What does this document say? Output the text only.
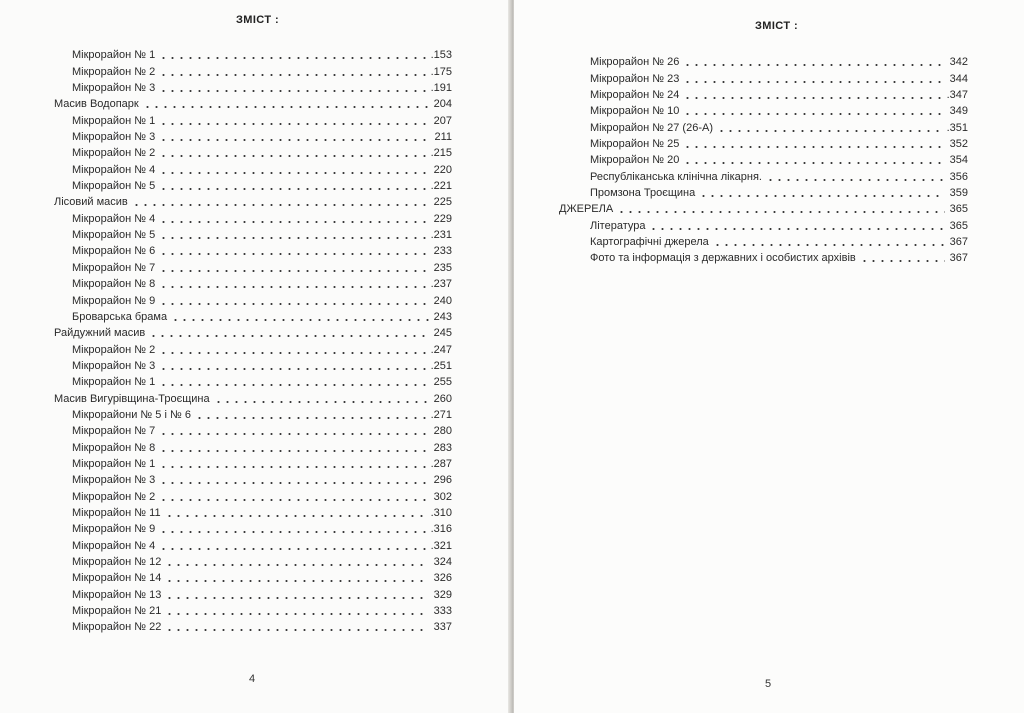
ЗМІСТ :
Мікрорайон № 1	.153
Мікрорайон № 2	.175
Мікрорайон № 3	.191
Масив Водопарк	204
Мікрорайон № 1	207
Мікрорайон № 3	211
Мікрорайон № 2	.215
Мікрорайон № 4	220
Мікрорайон № 5	.221
Лісовий масив	225
Мікрорайон № 4	229
Мікрорайон № 5	.231
Мікрорайон № 6	233
Мікрорайон № 7	235
Мікрорайон № 8	.237
Мікрорайон № 9	240
Броварська брама	243
Райдужний масив	245
Мікрорайон № 2	.247
Мікрорайон № 3	.251
Мікрорайон № 1	255
Масив Вигурівщина-Троєщина	260
Мікрорайони № 5 і № 6	.271
Мікрорайон № 7	280
Мікрорайон № 8	283
Мікрорайон № 1	.287
Мікрорайон № 3	296
Мікрорайон № 2	302
Мікрорайон № 11	.310
Мікрорайон № 9	.316
Мікрорайон № 4	.321
Мікрорайон № 12	324
Мікрорайон № 14	326
Мікрорайон № 13	329
Мікрорайон № 21	333
Мікрорайон № 22	337
4
ЗМІСТ :
Мікрорайон № 26	342
Мікрорайон № 23	344
Мікрорайон № 24	.347
Мікрорайон № 10	349
Мікрорайон № 27 (26-А)	.351
Мікрорайон № 25	352
Мікрорайон № 20	354
Республіканська клінічна лікарня.	356
Промзона Троєщина	359
ДЖЕРЕЛА	365
Література	365
Картографічні джерела	367
Фото та інформація з державних і особистих архівів	367
5
